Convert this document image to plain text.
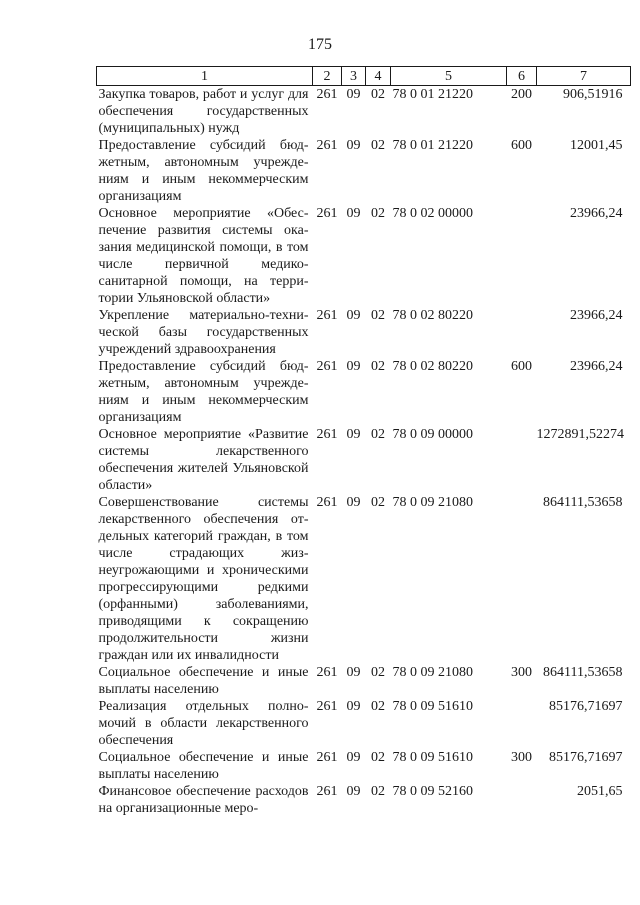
175
1	2	3	4	5	6	7
Закупка товаров, работ и услуг для обеспечения государственных (муниципальных) нужд	261	09	02	78 0 01 21220	200	906,51916
Предоставление субсидий бюджетным, автономным учреждениям и иным некоммерческим организациям	261	09	02	78 0 01 21220	600	12001,45
Основное мероприятие «Обеспечение развития системы оказания медицинской помощи, в том числе первичной медико-санитарной помощи, на территории Ульяновской области»	261	09	02	78 0 02 00000		23966,24
Укрепление материально-технической базы государственных учреждений здравоохранения	261	09	02	78 0 02 80220		23966,24
Предоставление субсидий бюджетным, автономным учреждениям и иным некоммерческим организациям	261	09	02	78 0 02 80220	600	23966,24
Основное мероприятие «Развитие системы лекарственного обеспечения жителей Ульяновской области»	261	09	02	78 0 09 00000		1272891,52274
Совершенствование системы лекарственного обеспечения отдельных категорий граждан, в том числе страдающих жизнеугрожающими и хроническими прогрессирующими редкими (орфанными) заболеваниями, приводящими к сокращению продолжительности жизни граждан или их инвалидности	261	09	02	78 0 09 21080		864111,53658
Социальное обеспечение и иные выплаты населению	261	09	02	78 0 09 21080	300	864111,53658
Реализация отдельных полномочий в области лекарственного обеспечения	261	09	02	78 0 09 51610		85176,71697
Социальное обеспечение и иные выплаты населению	261	09	02	78 0 09 51610	300	85176,71697
Финансовое обеспечение расходов на организационные меро-	261	09	02	78 0 09 52160		2051,65
